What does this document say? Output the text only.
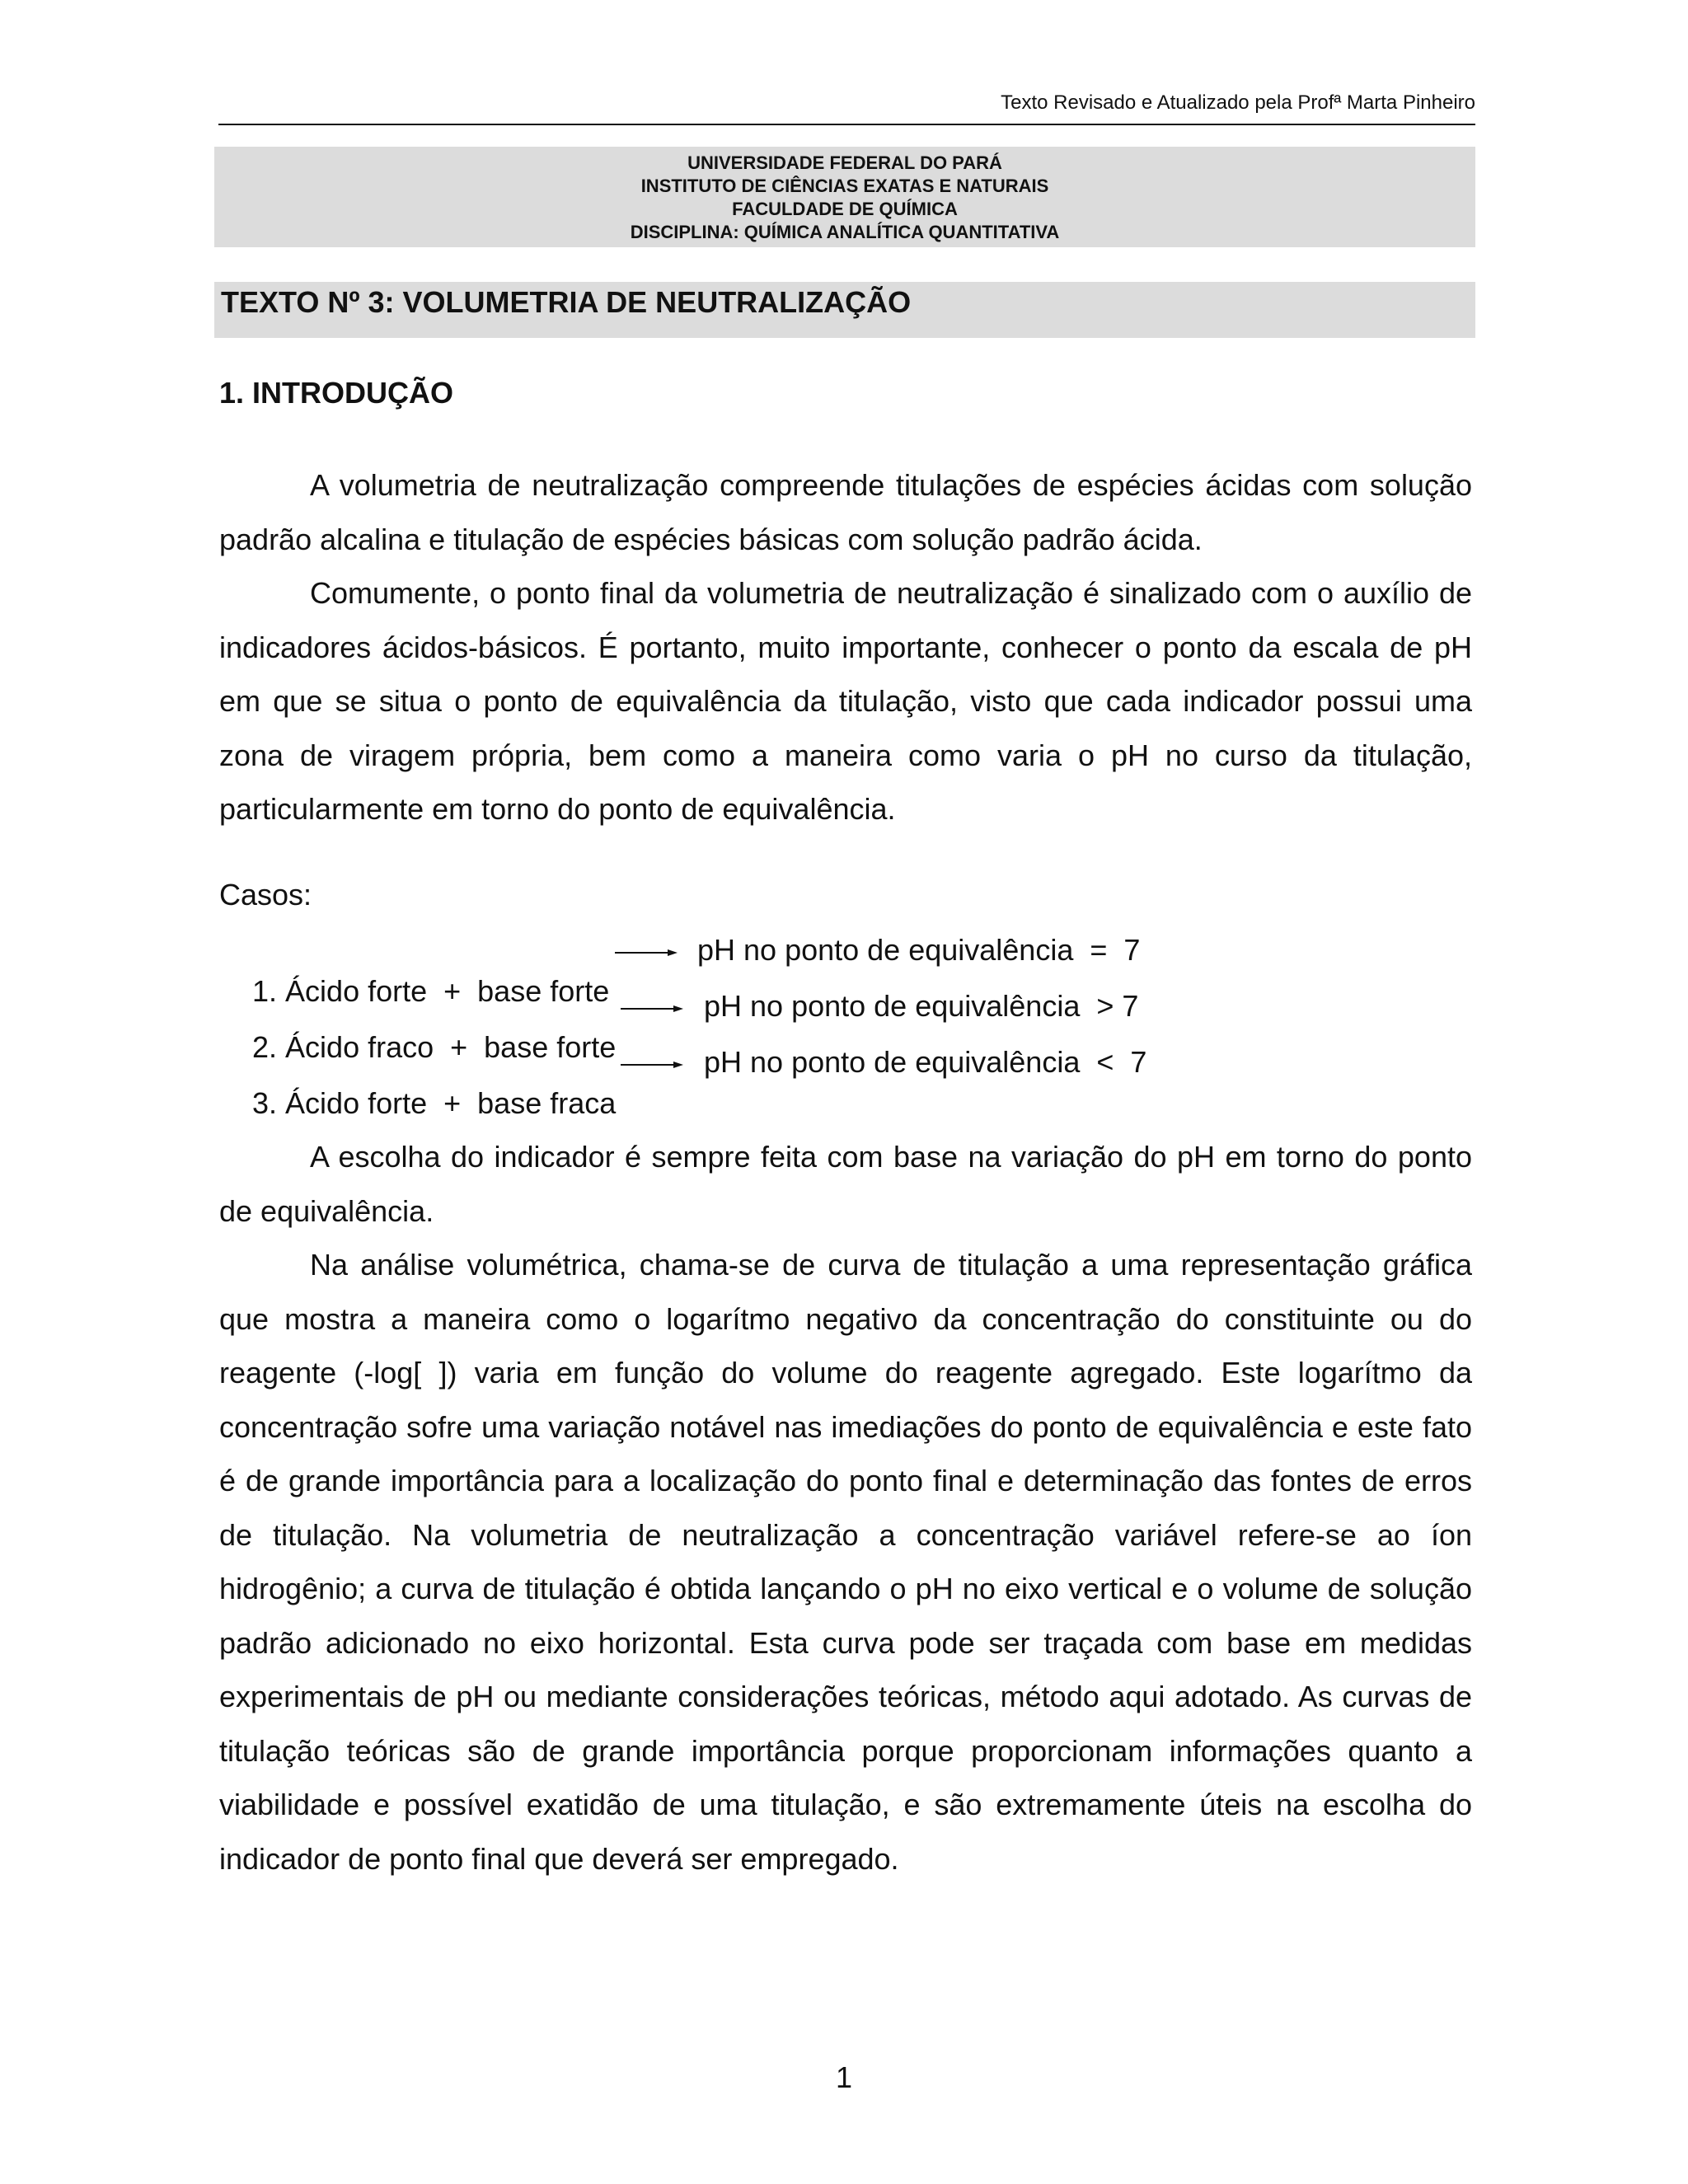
Texto Revisado e Atualizado pela Profª Marta Pinheiro
UNIVERSIDADE FEDERAL DO PARÁ
INSTITUTO DE CIÊNCIAS EXATAS E NATURAIS
FACULDADE DE QUÍMICA
DISCIPLINA: QUÍMICA ANALÍTICA QUANTITATIVA
TEXTO Nº 3: VOLUMETRIA DE NEUTRALIZAÇÃO
1. INTRODUÇÃO

A volumetria de neutralização compreende titulações de espécies ácidas com solução padrão alcalina e titulação de espécies básicas com solução padrão ácida.

Comumente, o ponto final da volumetria de neutralização é sinalizado com o auxílio de indicadores ácidos-básicos. É portanto, muito importante, conhecer o ponto da escala de pH em que se situa o ponto de equivalência da titulação, visto que cada indicador possui uma zona de viragem própria, bem como a maneira como varia o pH no curso da titulação, particularmente em torno do ponto de equivalência.

Casos:

1. Ácido forte  +  base forte

pH no ponto de equivalência  =  7

2. Ácido fraco  +  base forte

pH no ponto de equivalência  > 7

3. Ácido forte  +  base fraca

pH no ponto de equivalência  <  7

A escolha do indicador é sempre feita com base na variação do pH em torno do ponto de equivalência.

Na análise volumétrica, chama-se de curva de titulação a uma representação gráfica que mostra a maneira como o logarítmo negativo da concentração do constituinte ou do reagente (-log[ ]) varia em função do volume do reagente agregado. Este logarítmo da concentração sofre uma variação notável nas imediações do ponto de equivalência e este fato é de grande importância para a localização do ponto final e determinação das fontes de erros de titulação. Na volumetria de neutralização a concentração variável refere-se ao íon hidrogênio; a curva de titulação é obtida lançando o pH no eixo vertical e o volume de solução padrão adicionado no eixo horizontal. Esta curva pode ser traçada com base em medidas experimentais de pH ou mediante considerações teóricas, método aqui adotado. As curvas de titulação teóricas são de grande importância porque proporcionam informações quanto a viabilidade e possível exatidão de uma titulação, e são extremamente úteis na escolha do indicador de ponto final que deverá ser empregado.

1
